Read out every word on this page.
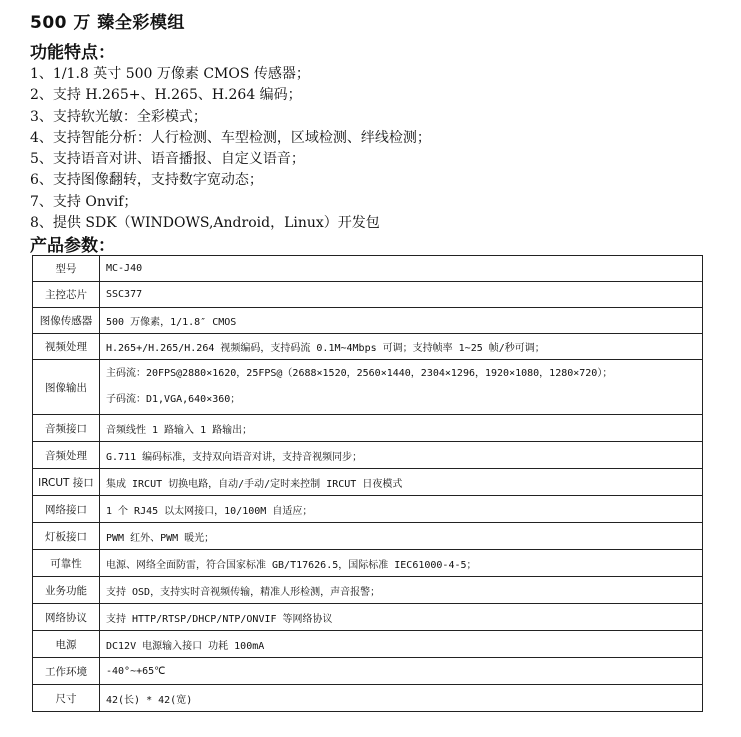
500 万 臻全彩模组
功能特点：
1、1/1.8 英寸 500 万像素 CMOS 传感器；
2、支持 H.265+、H.265、H.264 编码；
3、支持软光敏：全彩模式；
4、支持智能分析：人行检测、车型检测，区域检测、绊线检测；
5、支持语音对讲、语音播报、自定义语音；
6、支持图像翻转，支持数字宽动态；
7、支持 Onvif；
8、提供 SDK（WINDOWS,Android，Linux）开发包
产品参数：
型号	MC-J40
主控芯片	SSC377
图像传感器	500 万像素，1/1.8″ CMOS
视频处理	H.265+/H.265/H.264 视频编码，支持码流 0.1M~4Mbps 可调；支持帧率 1~25 帧/秒可调；
图像输出	主码流：20FPS@2880×1620，25FPS@（2688×1520，2560×1440，2304×1296，1920×1080，1280×720）；
子码流：D1,VGA,640×360；

音频接口	音频线性 1 路输入 1 路输出；
音频处理	G.711 编码标准，支持双向语音对讲，支持音视频同步；
IRCUT 接口	集成 IRCUT 切换电路，自动/手动/定时来控制 IRCUT 日夜模式
网络接口	1 个 RJ45 以太网接口，10/100M 自适应；
灯板接口	PWM 红外、PWM 暖光；
可靠性	电源、网络全面防雷，符合国家标准 GB/T17626.5，国际标准 IEC61000-4-5；
业务功能	支持 OSD，支持实时音视频传输，精准人形检测，声音报警；
网络协议	支持 HTTP/RTSP/DHCP/NTP/ONVIF 等网络协议
电源	DC12V 电源输入接口 功耗 100mA
工作环境	-40°~+65℃
尺寸	42(长) * 42(宽)
